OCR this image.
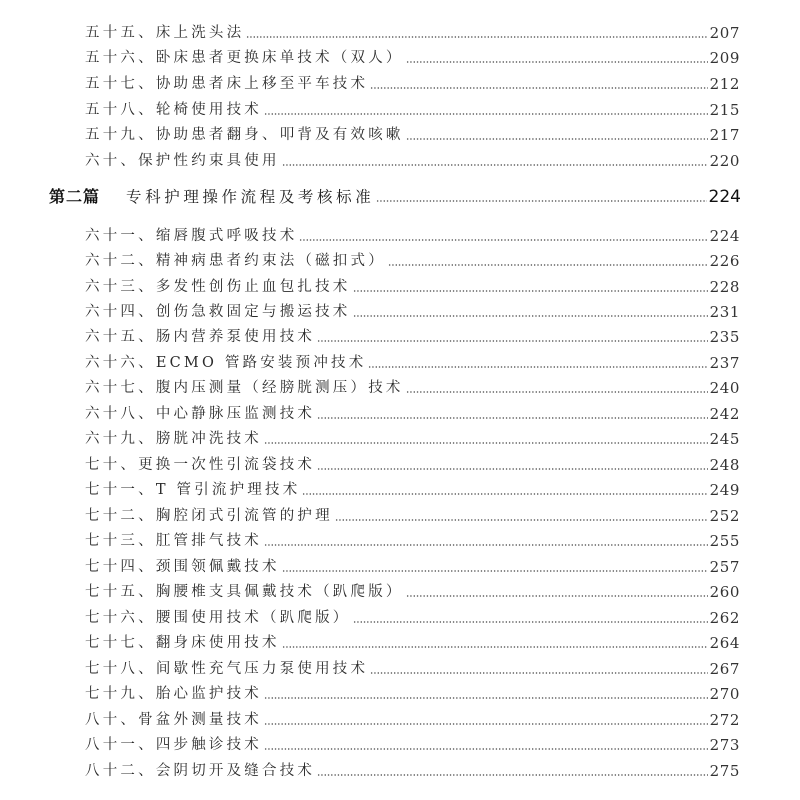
五十五、床上洗头法	207
五十六、卧床患者更换床单技术（双人）	209
五十七、协助患者床上移至平车技术	212
五十八、轮椅使用技术	215
五十九、协助患者翻身、叩背及有效咳嗽	217
六十、保护性约束具使用	220
第二篇 专科护理操作流程及考核标准	224
六十一、缩唇腹式呼吸技术	224
六十二、精神病患者约束法（磁扣式）	226
六十三、多发性创伤止血包扎技术	228
六十四、创伤急救固定与搬运技术	231
六十五、肠内营养泵使用技术	235
六十六、ECMO 管路安装预冲技术	237
六十七、腹内压测量（经膀胱测压）技术	240
六十八、中心静脉压监测技术	242
六十九、膀胱冲洗技术	245
七十、更换一次性引流袋技术	248
七十一、T 管引流护理技术	249
七十二、胸腔闭式引流管的护理	252
七十三、肛管排气技术	255
七十四、颈围领佩戴技术	257
七十五、胸腰椎支具佩戴技术（趴爬版）	260
七十六、腰围使用技术（趴爬版）	262
七十七、翻身床使用技术	264
七十八、间歇性充气压力泵使用技术	267
七十九、胎心监护技术	270
八十、骨盆外测量技术	272
八十一、四步触诊技术	273
八十二、会阴切开及缝合技术	275
